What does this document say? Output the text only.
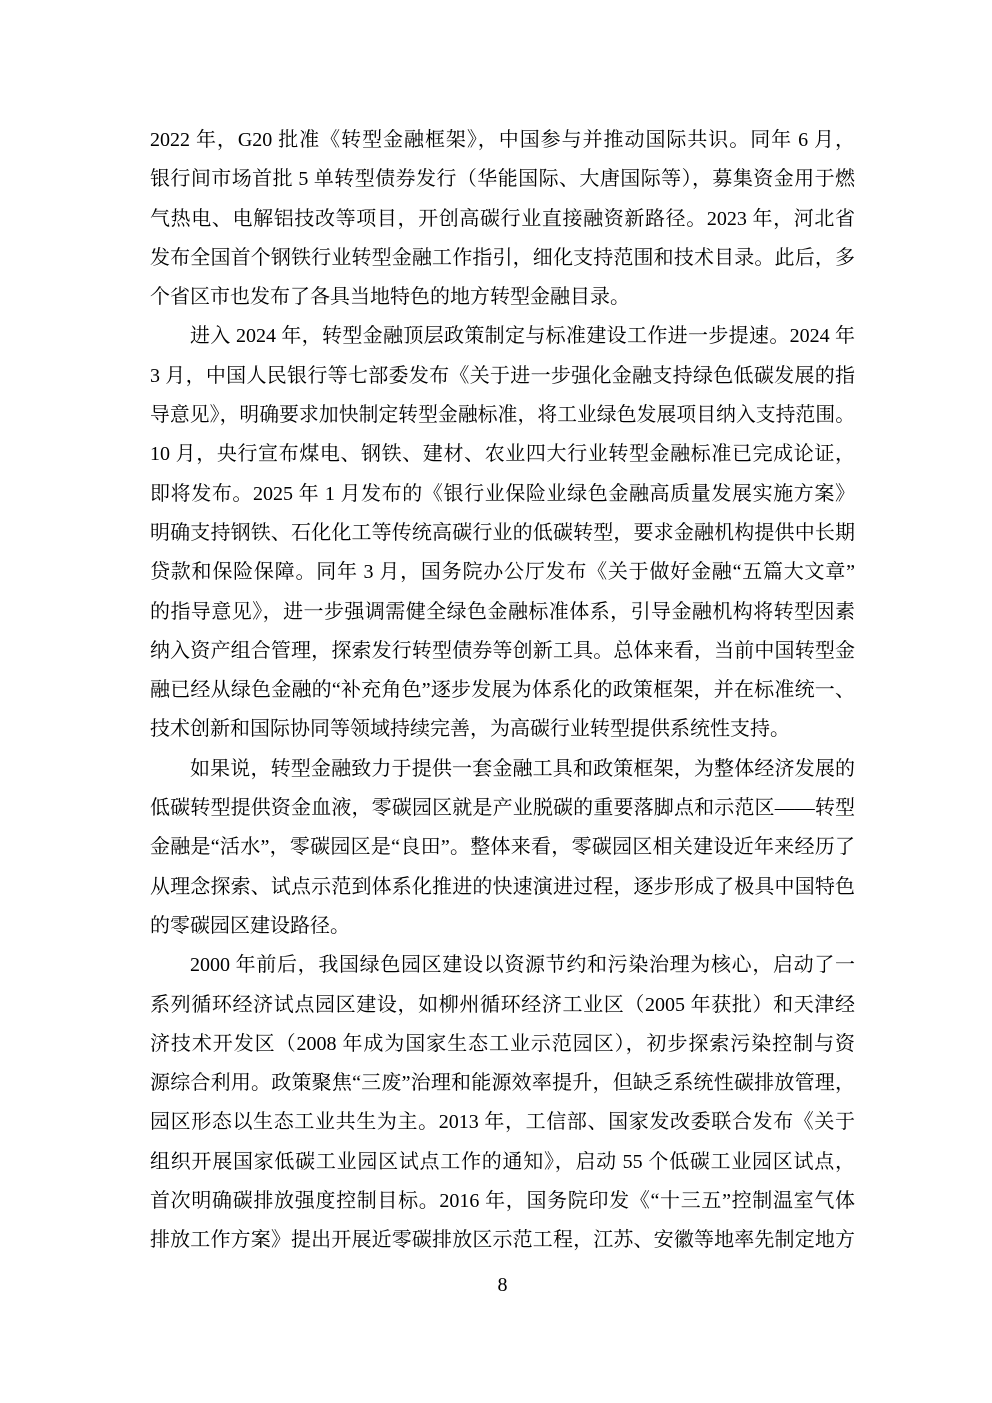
2022 年，G20 批准《转型金融框架》，中国参与并推动国际共识。同年 6 月，
银行间市场首批 5 单转型债券发行（华能国际、大唐国际等），募集资金用于燃
气热电、电解铝技改等项目，开创高碳行业直接融资新路径。2023 年，河北省
发布全国首个钢铁行业转型金融工作指引，细化支持范围和技术目录。此后，多
个省区市也发布了各具当地特色的地方转型金融目录。
进入 2024 年，转型金融顶层政策制定与标准建设工作进一步提速。2024 年
3 月，中国人民银行等七部委发布《关于进一步强化金融支持绿色低碳发展的指
导意见》，明确要求加快制定转型金融标准，将工业绿色发展项目纳入支持范围。
10 月，央行宣布煤电、钢铁、建材、农业四大行业转型金融标准已完成论证，
即将发布。2025 年 1 月发布的《银行业保险业绿色金融高质量发展实施方案》
明确支持钢铁、石化化工等传统高碳行业的低碳转型，要求金融机构提供中长期
贷款和保险保障。同年 3 月，国务院办公厅发布《关于做好金融“五篇大文章”
的指导意见》，进一步强调需健全绿色金融标准体系，引导金融机构将转型因素
纳入资产组合管理，探索发行转型债券等创新工具。总体来看，当前中国转型金
融已经从绿色金融的“补充角色”逐步发展为体系化的政策框架，并在标准统一、
技术创新和国际协同等领域持续完善，为高碳行业转型提供系统性支持。
如果说，转型金融致力于提供一套金融工具和政策框架，为整体经济发展的
低碳转型提供资金血液，零碳园区就是产业脱碳的重要落脚点和示范区——转型
金融是“活水”，零碳园区是“良田”。整体来看，零碳园区相关建设近年来经历了
从理念探索、试点示范到体系化推进的快速演进过程，逐步形成了极具中国特色
的零碳园区建设路径。
2000 年前后，我国绿色园区建设以资源节约和污染治理为核心，启动了一
系列循环经济试点园区建设，如柳州循环经济工业区（2005 年获批）和天津经
济技术开发区（2008 年成为国家生态工业示范园区），初步探索污染控制与资
源综合利用。政策聚焦“三废”治理和能源效率提升，但缺乏系统性碳排放管理，
园区形态以生态工业共生为主。2013 年，工信部、国家发改委联合发布《关于
组织开展国家低碳工业园区试点工作的通知》，启动 55 个低碳工业园区试点，
首次明确碳排放强度控制目标。2016 年，国务院印发《“十三五”控制温室气体
排放工作方案》提出开展近零碳排放区示范工程，江苏、安徽等地率先制定地方
8
